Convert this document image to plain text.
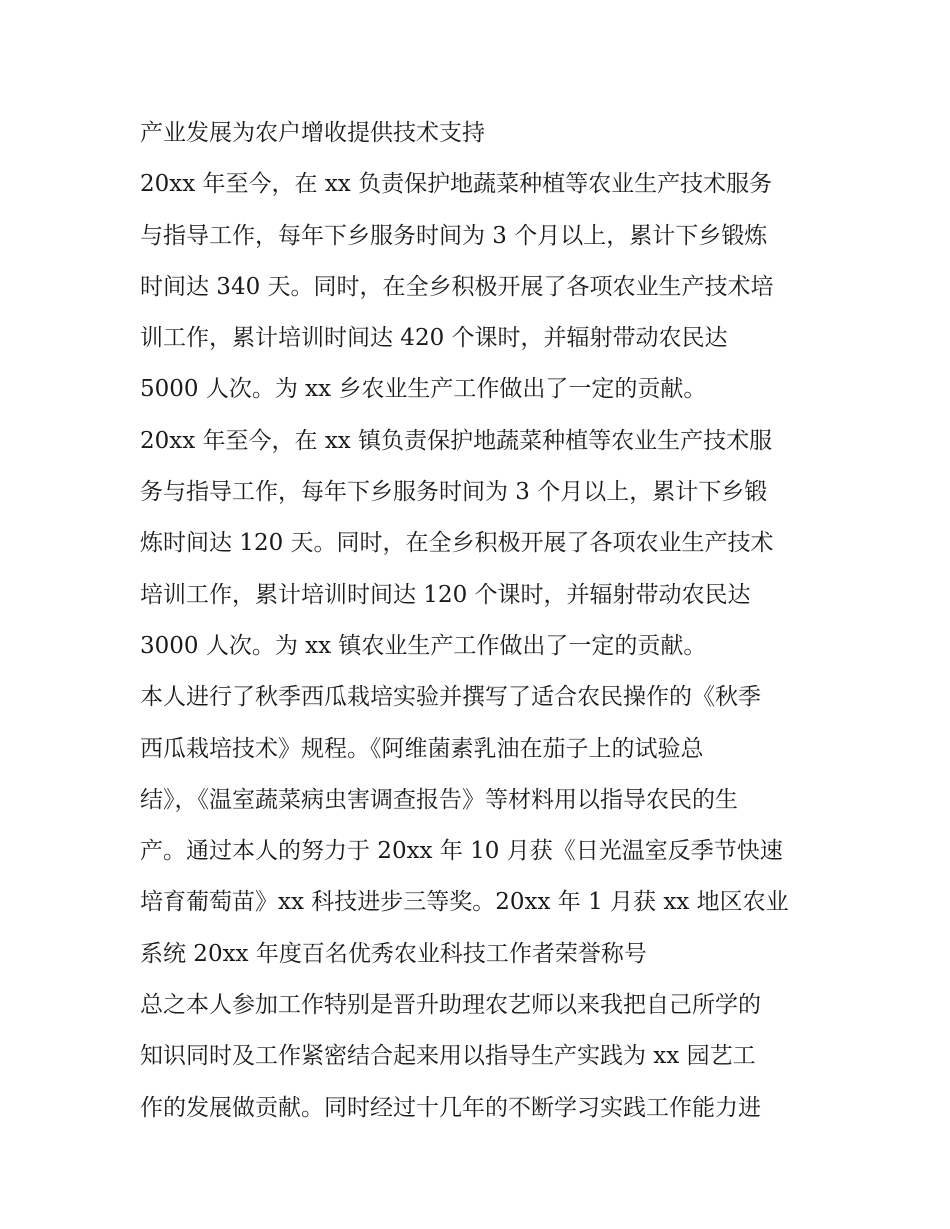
产业发展为农户增收提供技术支持
20xx 年至今，在 xx 负责保护地蔬菜种植等农业生产技术服务
与指导工作，每年下乡服务时间为 3 个月以上，累计下乡锻炼
时间达 340 天。同时，在全乡积极开展了各项农业生产技术培
训工作，累计培训时间达 420 个课时，并辐射带动农民达
5000 人次。为 xx 乡农业生产工作做出了一定的贡献。
20xx 年至今，在 xx 镇负责保护地蔬菜种植等农业生产技术服
务与指导工作，每年下乡服务时间为 3 个月以上，累计下乡锻
炼时间达 120 天。同时，在全乡积极开展了各项农业生产技术
培训工作，累计培训时间达 120 个课时，并辐射带动农民达
3000 人次。为 xx 镇农业生产工作做出了一定的贡献。
本人进行了秋季西瓜栽培实验并撰写了适合农民操作的《秋季
西瓜栽培技术》规程。《阿维菌素乳油在茄子上的试验总
结》，《温室蔬菜病虫害调查报告》等材料用以指导农民的生
产。通过本人的努力于 20xx 年 10 月获《日光温室反季节快速
培育葡萄苗》xx 科技进步三等奖。20xx 年 1 月获 xx 地区农业
系统 20xx 年度百名优秀农业科技工作者荣誉称号
总之本人参加工作特别是晋升助理农艺师以来我把自己所学的
知识同时及工作紧密结合起来用以指导生产实践为 xx 园艺工
作的发展做贡献。同时经过十几年的不断学习实践工作能力进
